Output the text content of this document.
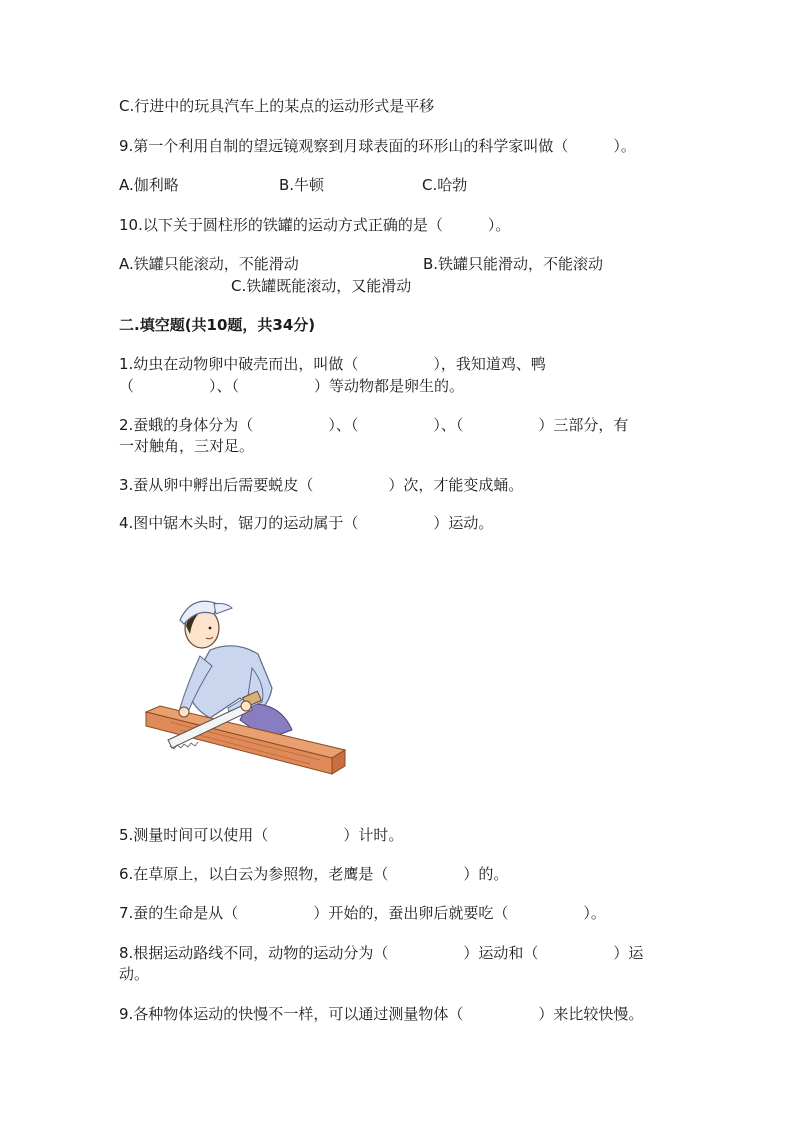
C.行进中的玩具汽车上的某点的运动形式是平移
9.第一个利用自制的望远镜观察到月球表面的环形山的科学家叫做（　　　）。
A.伽利略	B.牛顿	C.哈勃
10.以下关于圆柱形的铁罐的运动方式正确的是（　　　）。
A.铁罐只能滚动，不能滑动	B.铁罐只能滑动，不能滚动
C.铁罐既能滚动，又能滑动
二.填空题(共10题，共34分)
1.幼虫在动物卵中破壳而出，叫做（　　　　　），我知道鸡、鸭
（　　　　　）、（　　　　　）等动物都是卵生的。
2.蚕蛾的身体分为（　　　　　）、（　　　　　）、（　　　　　）三部分，有
一对触角，三对足。
3.蚕从卵中孵出后需要蜕皮（　　　　　）次，才能变成蛹。
4.图中锯木头时，锯刀的运动属于（　　　　　）运动。
5.测量时间可以使用（　　　　　）计时。
6.在草原上，以白云为参照物，老鹰是（　　　　　）的。
7.蚕的生命是从（　　　　　）开始的，蚕出卵后就要吃（　　　　　）。
8.根据运动路线不同，动物的运动分为（　　　　　）运动和（　　　　　）运
动。
9.各种物体运动的快慢不一样，可以通过测量物体（　　　　　）来比较快慢。
